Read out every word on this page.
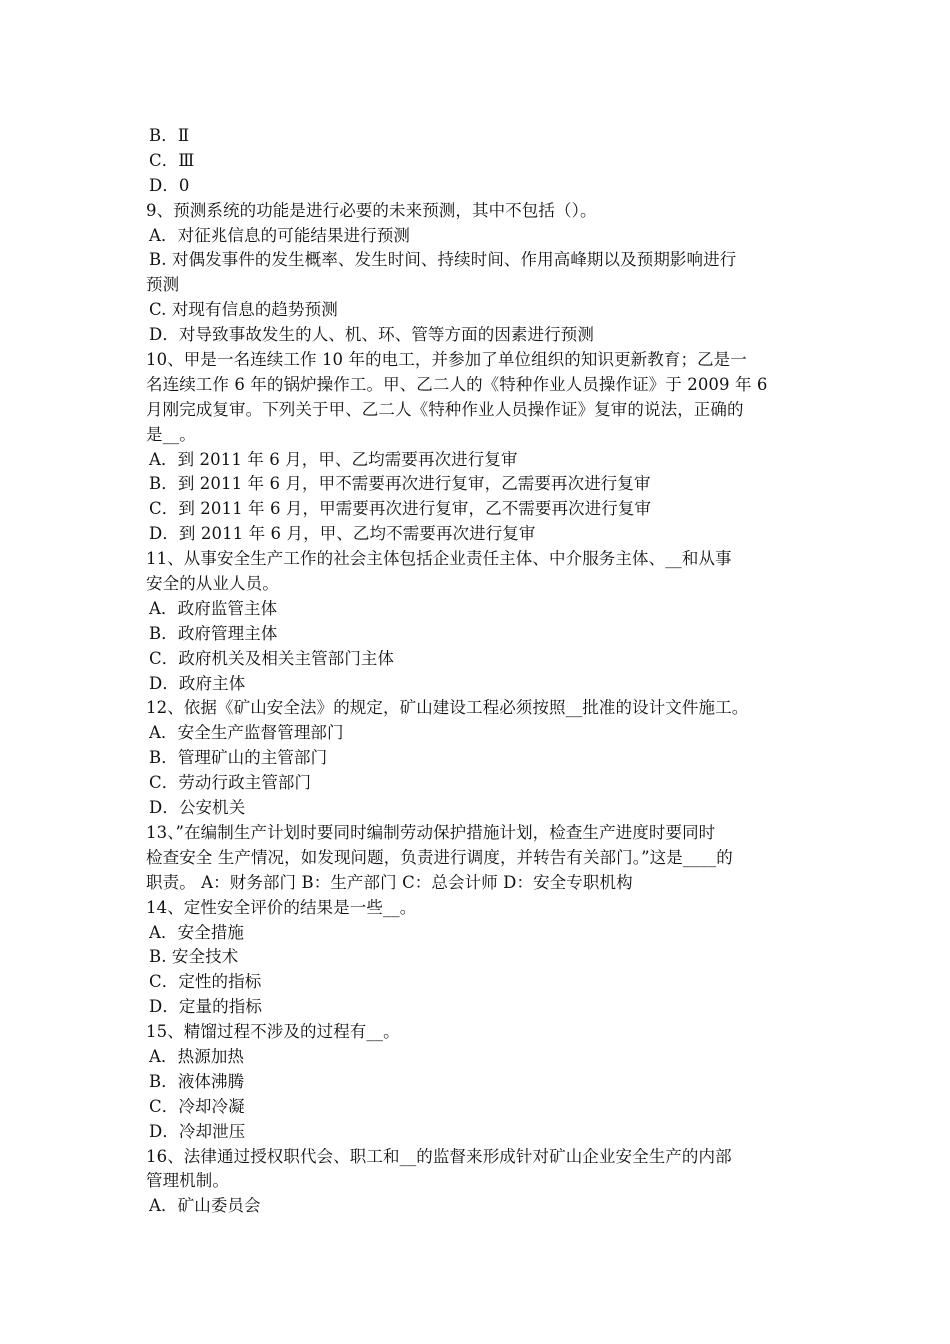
B．Ⅱ
C．Ⅲ
D．0
9、预测系统的功能是进行必要的未来预测，其中不包括（）。
A．对征兆信息的可能结果进行预测
B. 对偶发事件的发生概率、发生时间、持续时间、作用高峰期以及预期影响进行
预测
C. 对现有信息的趋势预测
D．对导致事故发生的人、机、环、管等方面的因素进行预测
10、甲是一名连续工作 10 年的电工，并参加了单位组织的知识更新教育；乙是一
名连续工作 6 年的锅炉操作工。甲、乙二人的《特种作业人员操作证》于 2009 年 6
月刚完成复审。下列关于甲、乙二人《特种作业人员操作证》复审的说法，正确的
是__。
A．到 2011 年 6 月，甲、乙均需要再次进行复审
B．到 2011 年 6 月，甲不需要再次进行复审，乙需要再次进行复审
C．到 2011 年 6 月，甲需要再次进行复审，乙不需要再次进行复审
D．到 2011 年 6 月，甲、乙均不需要再次进行复审
11、从事安全生产工作的社会主体包括企业责任主体、中介服务主体、__和从事
安全的从业人员。
A．政府监管主体
B．政府管理主体
C．政府机关及相关主管部门主体
D．政府主体
12、依据《矿山安全法》的规定，矿山建设工程必须按照__批准的设计文件施工。
A．安全生产监督管理部门
B．管理矿山的主管部门
C．劳动行政主管部门
D．公安机关
13、”在编制生产计划时要同时编制劳动保护措施计划，检查生产进度时要同时
检查安全 生产情况，如发现问题，负责进行调度，并转告有关部门。”这是____的
职责。 A：财务部门 B：生产部门 C：总会计师 D：安全专职机构
14、定性安全评价的结果是一些__。
A．安全措施
B. 安全技术
C．定性的指标
D．定量的指标
15、精馏过程不涉及的过程有__。
A．热源加热
B．液体沸腾
C．冷却冷凝
D．冷却泄压
16、法律通过授权职代会、职工和__的监督来形成针对矿山企业安全生产的内部
管理机制。
A．矿山委员会
